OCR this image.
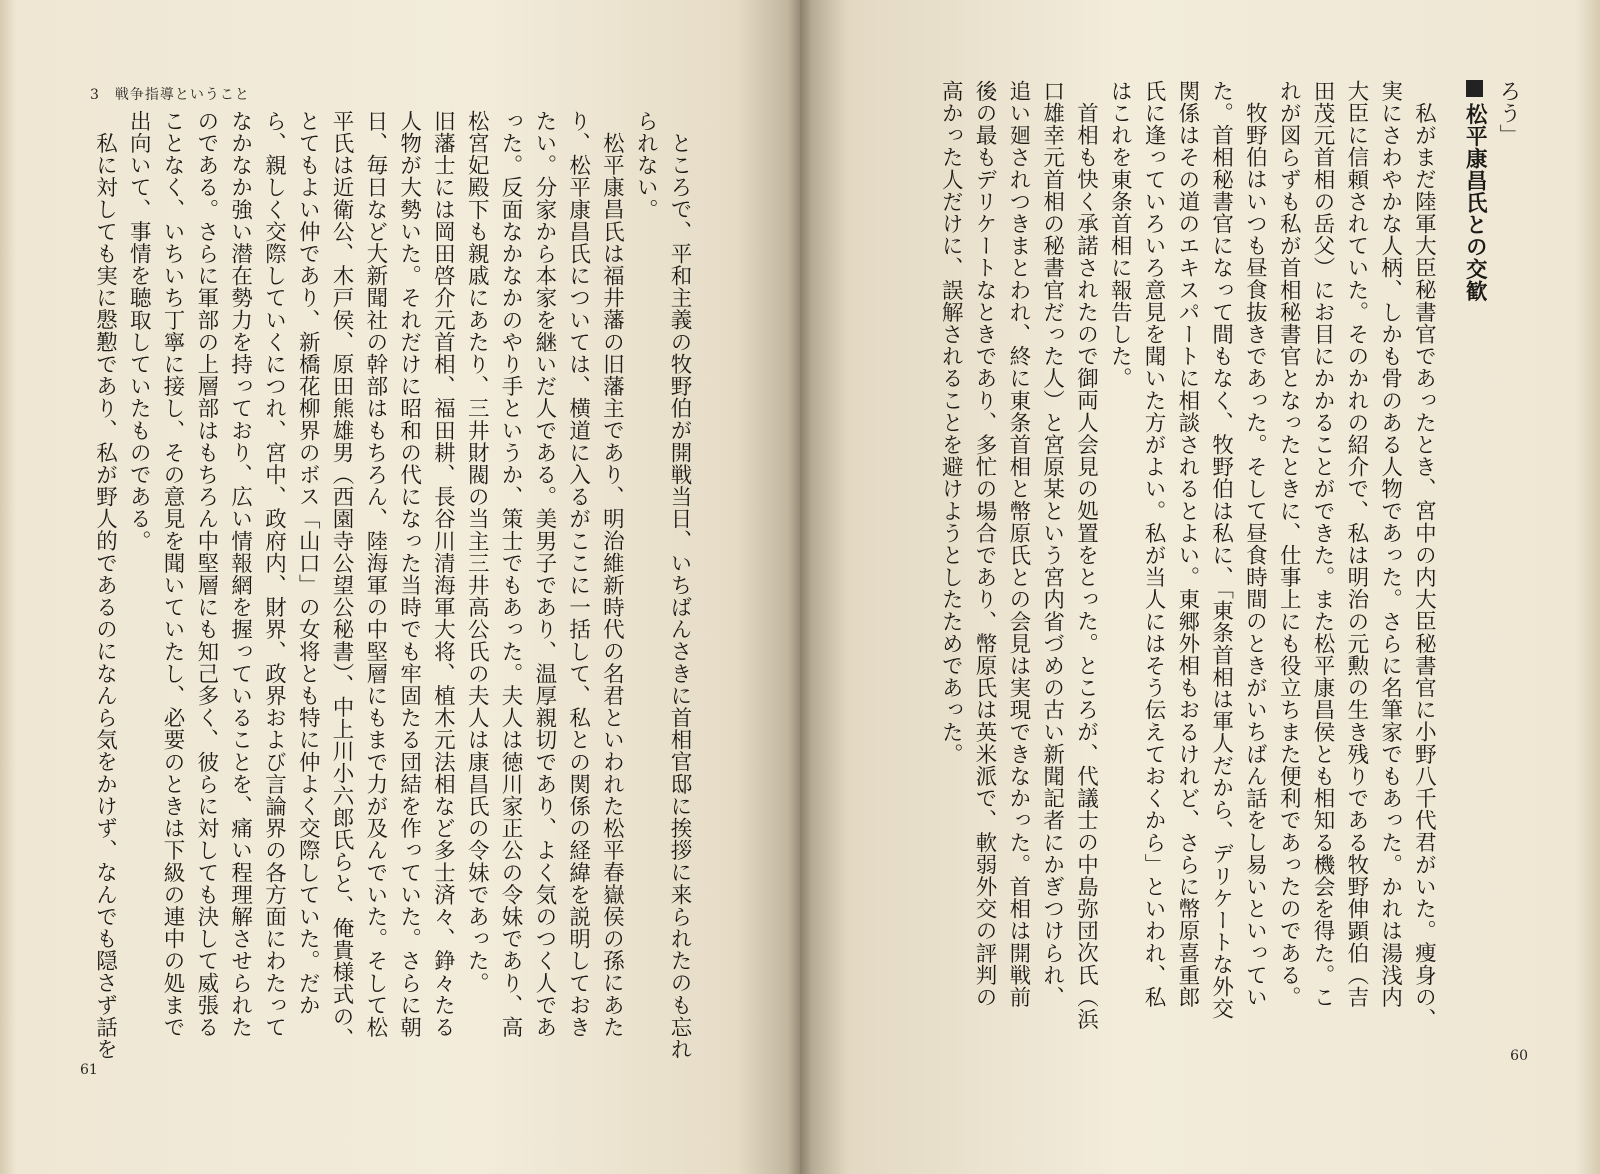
3　戦争指導ということ

ところで、平和主義の牧野伯が開戦当日、いちばんさきに首相官邸に挨拶に来られたのも忘れられない。

松平康昌氏は福井藩の旧藩主であり、明治維新時代の名君といわれた松平春嶽侯の孫にあたり、松平康昌氏については、横道に入るがここに一括して、私との関係の経緯を説明しておきたい。分家から本家を継いだ人である。美男子であり、温厚親切であり、よく気のつく人であった。反面なかなかのやり手というか、策士でもあった。夫人は徳川家正公の令妹であり、高松宮妃殿下も親戚にあたり、三井財閥の当主三井高公氏の夫人は康昌氏の令妹であった。

旧藩士には岡田啓介元首相、福田耕、長谷川清海軍大将、植木元法相など多士済々、錚々たる人物が大勢いた。それだけに昭和の代になった当時でも牢固たる団結を作っていた。さらに朝日、毎日など大新聞社の幹部はもちろん、陸海軍の中堅層にもまで力が及んでいた。そして松平氏は近衛公、木戸侯、原田熊雄男（西園寺公望公秘書）、中上川小六郎氏らと、俺貴様式の、とてもよい仲であり、新橋花柳界のボス「山口」の女将とも特に仲よく交際していた。だから、親しく交際していくにつれ、宮中、政府内、財界、政界および言論界の各方面にわたってなかなか強い潜在勢力を持っており、広い情報網を握っていることを、痛い程理解させられたのである。さらに軍部の上層部はもちろん中堅層にも知己多く、彼らに対しても決して威張ることなく、いちいち丁寧に接し、その意見を聞いていたし、必要のときは下級の連中の処まで出向いて、事情を聴取していたものである。

私に対しても実に慇懃であり、私が野人的であるのになんら気をかけず、なんでも隠さず話を

61
60

ろう」

松平康昌氏との交歓

私がまだ陸軍大臣秘書官であったとき、宮中の内大臣秘書官に小野八千代君がいた。痩身の、実にさわやかな人柄、しかも骨のある人物であった。さらに名筆家でもあった。かれは湯浅内大臣に信頼されていた。そのかれの紹介で、私は明治の元勲の生き残りである牧野伸顕伯（吉田茂元首相の岳父）にお目にかかることができた。また松平康昌侯とも相知る機会を得た。これが図らずも私が首相秘書官となったときに、仕事上にも役立ちまた便利であったのである。

牧野伯はいつも昼食抜きであった。そして昼食時間のときがいちばん話をし易いといっていた。首相秘書官になって間もなく、牧野伯は私に、「東条首相は軍人だから、デリケートな外交関係はその道のエキスパートに相談されるとよい。東郷外相もおるけれど、さらに幣原喜重郎氏に逢っていろいろ意見を聞いた方がよい。私が当人にはそう伝えておくから」といわれ、私はこれを東条首相に報告した。

首相も快く承諾されたので御両人会見の処置をとった。ところが、代議士の中島弥団次氏（浜口雄幸元首相の秘書官だった人）と宮原某という宮内省づめの古い新聞記者にかぎつけられ、追い廻されつきまとわれ、終に東条首相と幣原氏との会見は実現できなかった。首相は開戦前後の最もデリケートなときであり、多忙の場合であり、幣原氏は英米派で、軟弱外交の評判の高かった人だけに、誤解されることを避けようとしたためであった。
